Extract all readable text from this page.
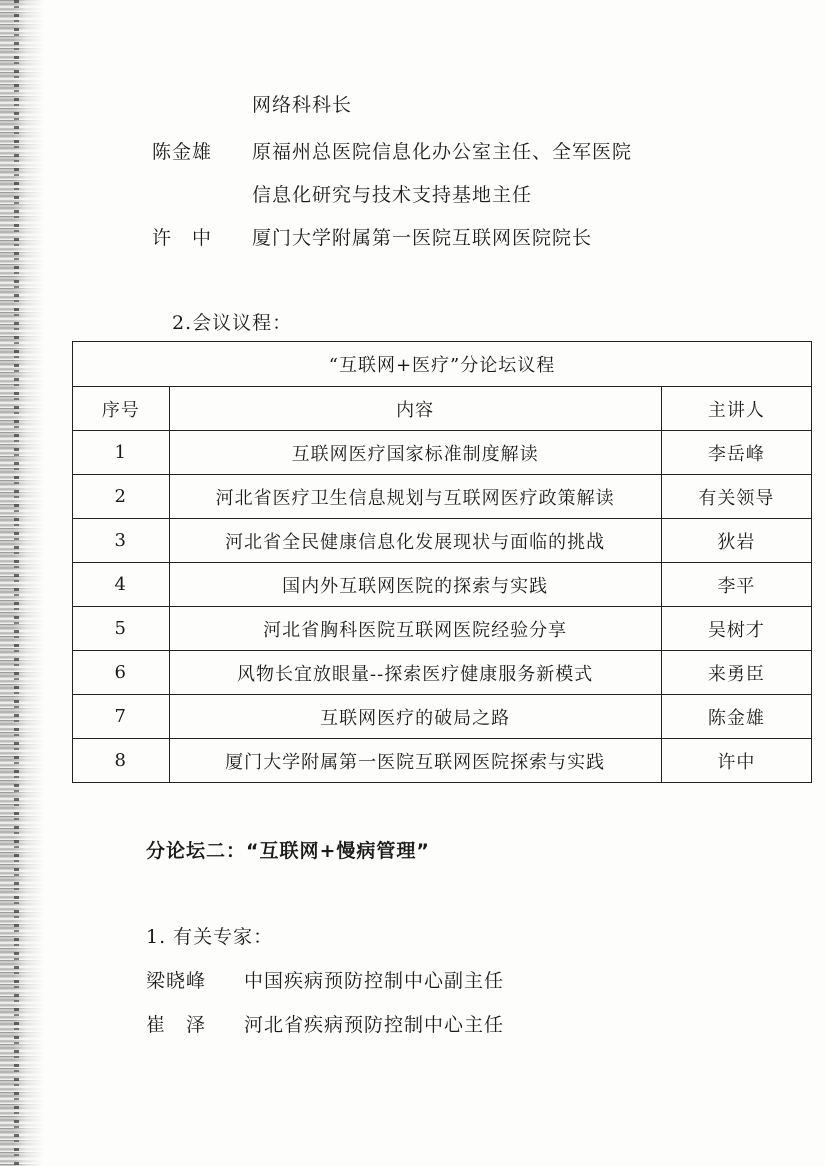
网络科科长
陈金雄 原福州总医院信息化办公室主任、全军医院
信息化研究与技术支持基地主任
许　中 厦门大学附属第一医院互联网医院院长
2.会议议程：
“互联网+医疗”分论坛议程		
序号	内容	主讲人
1	互联网医疗国家标准制度解读	李岳峰
2	河北省医疗卫生信息规划与互联网医疗政策解读	有关领导
3	河北省全民健康信息化发展现状与面临的挑战	狄岩
4	国内外互联网医院的探索与实践	李平
5	河北省胸科医院互联网医院经验分享	吴树才
6	风物长宜放眼量--探索医疗健康服务新模式	来勇臣
7	互联网医疗的破局之路	陈金雄
8	厦门大学附属第一医院互联网医院探索与实践	许中
分论坛二：“互联网+慢病管理”
1. 有关专家：
梁晓峰 中国疾病预防控制中心副主任
崔　泽 河北省疾病预防控制中心主任
